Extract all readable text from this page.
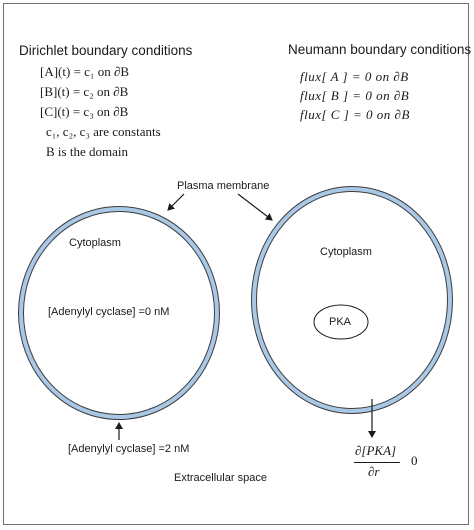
Dirichlet boundary conditions
[A](t) = c₁ on ∂B
[B](t) = c₂ on ∂B
[C](t) = c₃ on ∂B
c₁, c₂, c₃ are constants
B is the domain
Neumann boundary conditions
flux[ A ] = 0 on ∂B
flux[ B ] = 0 on ∂B
flux[ C ] = 0 on ∂B
Plasma membrane
Cytoplasm
Cytoplasm
[Adenylyl cyclase] =0 nM
PKA
[Adenylyl cyclase] =2 nM
Extracellular space
∂[PKA]
∂r
0
